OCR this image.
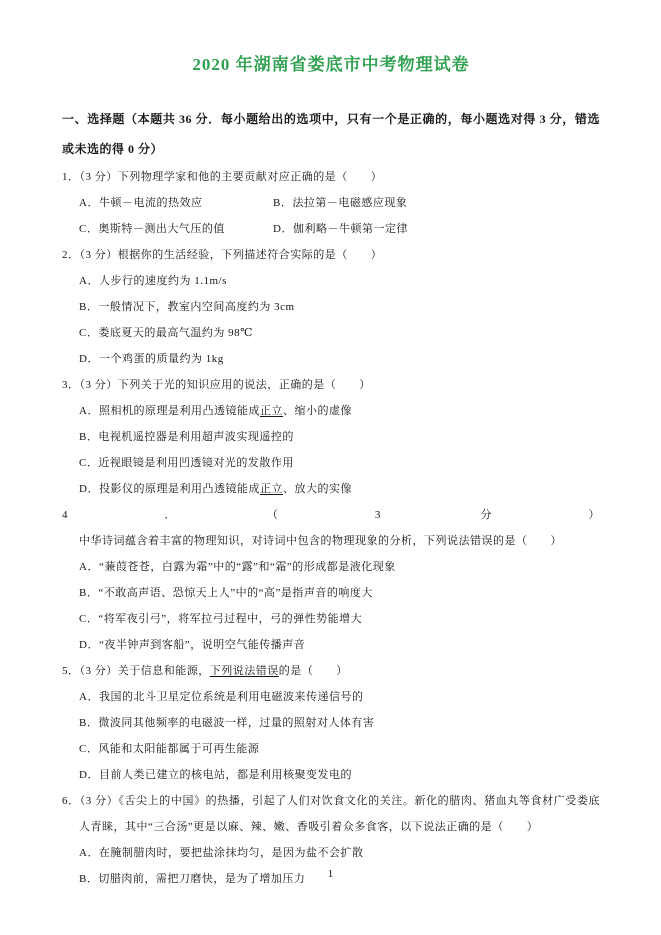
2020 年湖南省娄底市中考物理试卷
一、选择题（本题共 36 分．每小题给出的选项中，只有一个是正确的，每小题选对得 3 分，错选或未选的得 0 分）
1．（3 分）下列物理学家和他的主要贡献对应正确的是（　　）
A．牛顿－电流的热效应	B．法拉第－电磁感应现象
C．奥斯特－测出大气压的值	D．伽利略－牛顿第一定律
2．（3 分）根据你的生活经验，下列描述符合实际的是（　　）
A．人步行的速度约为 1.1m/s
B．一般情况下，教室内空间高度约为 3cm
C．娄底夏天的最高气温约为 98℃
D．一个鸡蛋的质量约为 1kg
3．（3 分）下列关于光的知识应用的说法，正确的是（　　）
A．照相机的原理是利用凸透镜能成正立、缩小的虚像
B．电视机遥控器是利用超声波实现遥控的
C．近视眼镜是利用凹透镜对光的发散作用
D．投影仪的原理是利用凸透镜能成正立、放大的实像
4．（3 分）中华诗词蕴含着丰富的物理知识，对诗词中包含的物理现象的分析，下列说法错误的是（　　）
A．“蒹葭苍苍，白露为霜”中的“露”和“霜”的形成都是液化现象
B．“不敢高声语、恐惊天上人”中的“高”是指声音的响度大
C．“将军夜引弓”，将军拉弓过程中，弓的弹性势能增大
D．“夜半钟声到客船”，说明空气能传播声音
5．（3 分）关于信息和能源，下列说法错误的是（　　）
A．我国的北斗卫星定位系统是利用电磁波来传递信号的
B．微波同其他频率的电磁波一样，过量的照射对人体有害
C．风能和太阳能都属于可再生能源
D．目前人类已建立的核电站，都是利用核聚变发电的
6．（3 分）《舌尖上的中国》的热播，引起了人们对饮食文化的关注。新化的腊肉、猪血丸等食材广受娄底人青睐，其中“三合汤”更是以麻、辣、嫩、香吸引着众多食客，以下说法正确的是（　　）
A．在腌制腊肉时，要把盐涂抹均匀，是因为盐不会扩散
B．切腊肉前，需把刀磨快，是为了增加压力	1
